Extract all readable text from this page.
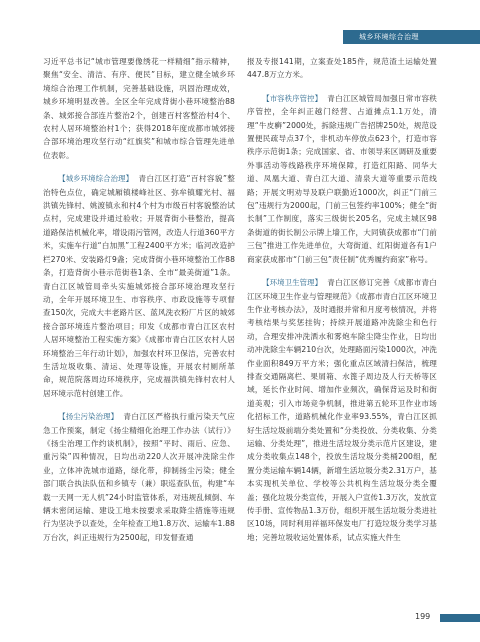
城乡环境综合治理

习近平总书记“城市管理要像绣花一样精细”指示精神，聚焦“安全、清洁、有序、便民”目标，建立健全城乡环境综合治理工作机制，完善基础设施，巩固治理成效，城乡环境明显改善。全区全年完成背街小巷环境整治88条、城郊接合部连片整治2个，创建百村客整治村4个、农村人居环境整治村1个；获得2018年度成都市城郊接合部环境治理攻坚行动“红旗奖”和城市综合管理先进单位表彰。

【 城乡环境综合治理 】 青白江区打造“百村容貌”整治特色点位，确定城厢镇楼峰社区、弥牟镇耀光村、福洪镇先锋村、姚渡镇永和村4个村为市级百村客貌整治试点村，完成建设并通过验收；开展背街小巷整治，提高道路保洁机械化率，增设雨污管网，改造人行道360平方米，实施车行道“白加黑”工程2400平方米；临河改造护栏270米、安装路灯9盏；完成背街小巷环境整治工作88条，打造背街小巷示范街巷1条、全市“最美街道”1条。青白江区城管局牵头实施城郊接合部环境治理攻坚行动，全年开展环境卫生、市容秩序、市政设施等专项督查150次，完成大丰老路片区、蓝风洗衣粉厂片区的城郊接合部环境连片整治项目；印发《成都市青白江区农村人居环境整治工程实施方案》《成都市青白江区农村人居环境整治三年行动计划》，加强农村环卫保洁，完善农村生活垃圾收集、清运、处理等设施，开展农村厕所革命，规范院落周边环境秩序，完成福洪镇先锋村农村人居环境示范村创建工作。

【 扬尘污染治理 】 青白江区严格执行重污染天气应急工作预案，制定《扬尘精细化治理工作办法（试行）》《扬尘治理工作约谈机制》，按照“平时、雨后、应急、重污染”四种情况，日均出动220人次开展冲洗除尘作业，立体冲洗城市道路，绿化带，抑制扬尘污染；健全部门联合执法队伍和乡镇专（兼）职巡查队伍，构建“车载一天网一无人机”24小时监管体系，对违规乱倾倒、车辆未密闭运输、建设工地未按要求采取降尘措施等违规行为坚决予以查处，全年检查工地1.8万次、运输车1.88万台次，纠正违规行为2500起，印发督查通

报及专报141期，立案查处185件，规范渣土运输处置447.8万立方米。

【 市容秩序管控 】 青白江区城管局加强日常市容秩序管控，全年纠正越门经营、占道摊点1.1万处，清理“牛皮癣”2000处，拆除违规广告招牌250处，规范设置便民疏导点37个，非机动车停放点623个，打造市容秩序示范街1条；完成国家、省、市领导来区调研及重要外事活动等线路秩序环境保障，打造红阳路、同华大道、凤凰大道、青白江大道、清泉大道等重要示范线路；开展文明劝导及联户联勤近1000次，纠正“门前三包”违规行为2000起，门前三包签约率100%；健全“街长制”工作制度，落实三级街长205名，完成主城区98条街道的街长制公示牌上墙工作，大同镇获成都市“门前三包”推进工作先进单位，大弯街道、红阳街道各有1户商家获成都市“门前三包”责任制“优秀履约商家”称号。

【 环境卫生管理 】 青白江区修订完善《成都市青白江区环境卫生作业与管理规范》《成都市青白江区环境卫生作业考核办法》，及时通报并常和月度考核情况，并将考核结果与奖惩挂钩；持续开展道路冲洗除尘和色行动，合理安排冲洗洒水和雾炮车除尘降尘作业，日均出动冲洗除尘车辆210台次，处理路面污染1000次，冲洗作业面积849万平方米；强化重点区域清扫保洁，梳理排查交通隔离栏、果屑箱、水篦子周边及人行天桥等区域，延长作业时间、增加作业频次，确保背运及时和街道美观；引入市场竞争机制，推进第五轮环卫作业市场化招标工作，道路机械化作业率93.55%，青白江区抓好生活垃圾前端分类处置和“分类投放、分类收集、分类运输、分类处理”，推进生活垃圾分类示范片区建设，建成分类收集点148个，投放生活垃圾分类桶200组，配置分类运输车辆14辆，新增生活垃圾分类2.31万户，基本实现机关单位、学校等公共机构生活垃圾分类全覆盖；强化垃圾分类宣传，开展入户宣传1.3万次，发放宣传手册、宣传物品1.3万份，组织开展生活垃圾分类进社区10场，同时利用祥福环保发电厂打造垃圾分类学习基地；完善垃圾收运处置体系，试点实施大件生

199
